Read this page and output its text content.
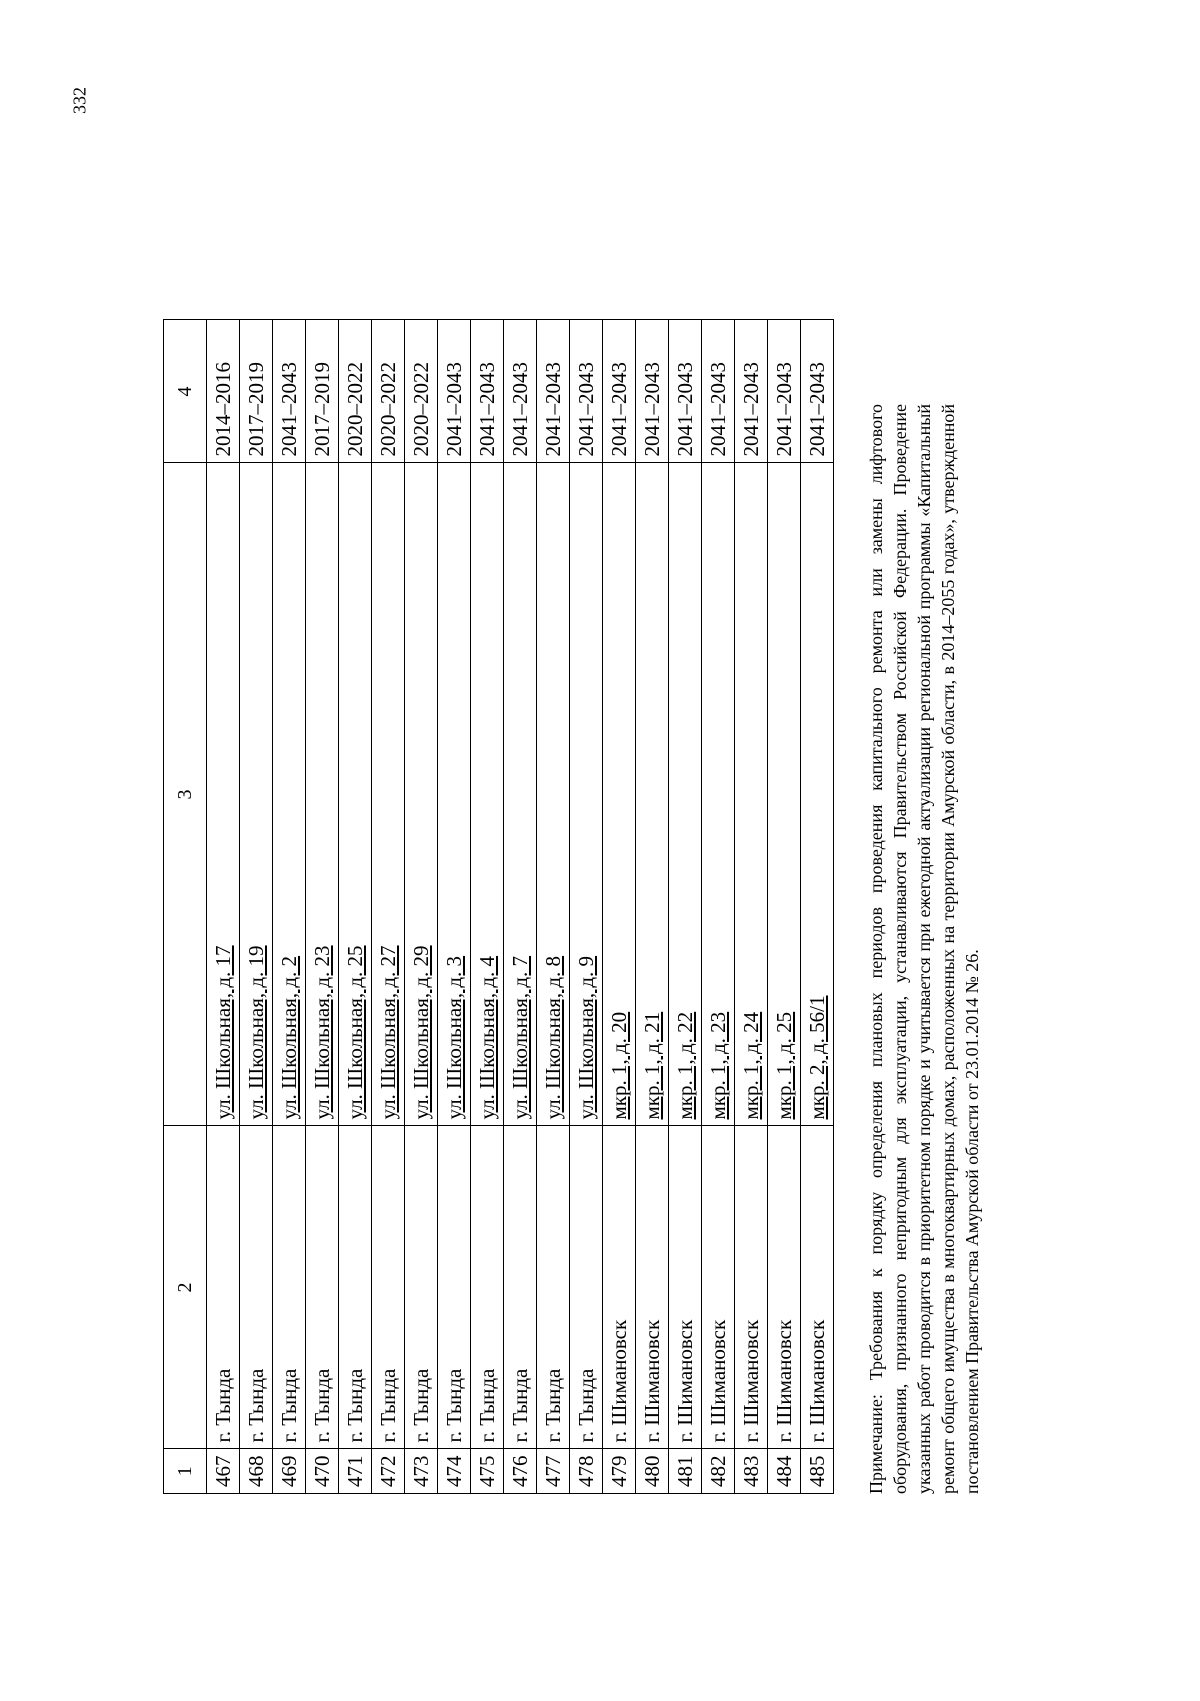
332
1	2	3	4
467	г. Тында	ул. Школьная, д. 17	2014–2016
468	г. Тында	ул. Школьная, д. 19	2017–2019
469	г. Тында	ул. Школьная, д. 2	2041–2043
470	г. Тында	ул. Школьная, д. 23	2017–2019
471	г. Тында	ул. Школьная, д. 25	2020–2022
472	г. Тында	ул. Школьная, д. 27	2020–2022
473	г. Тында	ул. Школьная, д. 29	2020–2022
474	г. Тында	ул. Школьная, д. 3	2041–2043
475	г. Тында	ул. Школьная, д. 4	2041–2043
476	г. Тында	ул. Школьная, д. 7	2041–2043
477	г. Тында	ул. Школьная, д. 8	2041–2043
478	г. Тында	ул. Школьная, д. 9	2041–2043
479	г. Шимановск	мкр. 1, д. 20	2041–2043
480	г. Шимановск	мкр. 1, д. 21	2041–2043
481	г. Шимановск	мкр. 1, д. 22	2041–2043
482	г. Шимановск	мкр. 1, д. 23	2041–2043
483	г. Шимановск	мкр. 1, д. 24	2041–2043
484	г. Шимановск	мкр. 1, д. 25	2041–2043
485	г. Шимановск	мкр. 2, д. 56/1	2041–2043 Примечание: Требования к порядку определения плановых периодов проведения капитального ремонта или замены лифтового оборудования, признанного непригодным для эксплуатации, устанавливаются Правительством Российской Федерации. Проведение указанных работ проводится в приоритетном порядке и учитывается при ежегодной актуализации региональной программы «Капитальный ремонт общего имущества в многоквартирных домах, расположенных на территории Амурской области, в 2014–2055 годах», утвержденной постановлением Правительства Амурской области от 23.01.2014 № 26.
